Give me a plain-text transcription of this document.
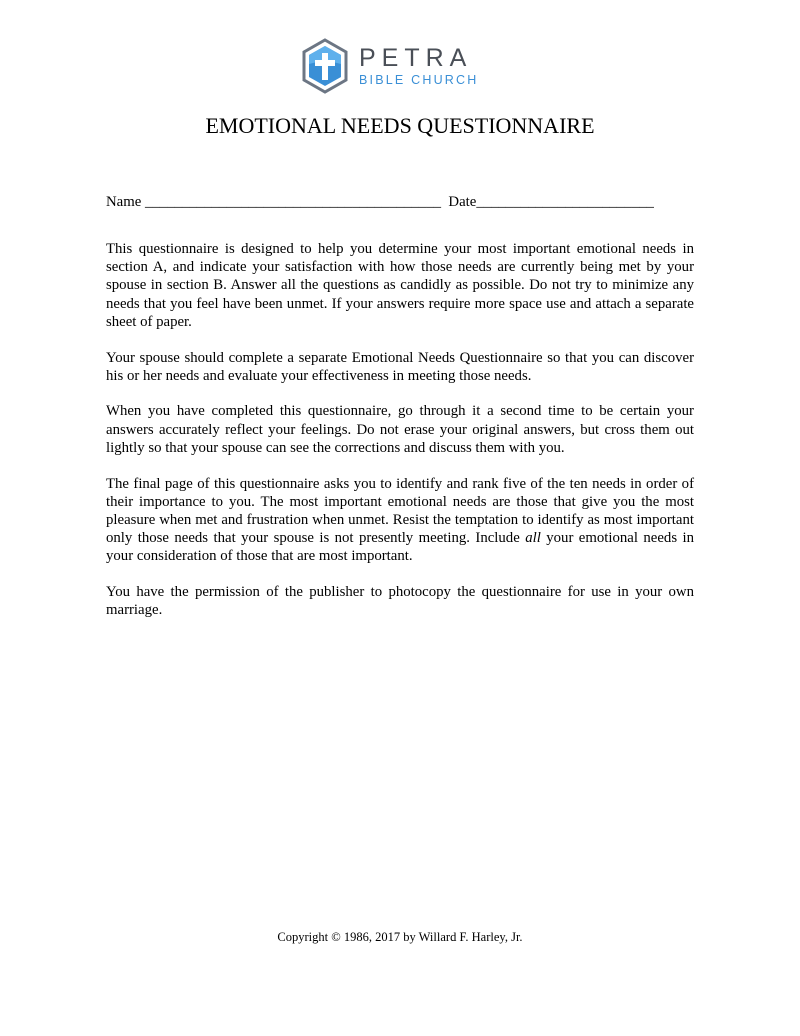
PETRA
BIBLE CHURCH
EMOTIONAL NEEDS QUESTIONNAIRE
Name ________________________________________ Date________________________

This questionnaire is designed to help you determine your most important emotional needs in section A, and indicate your satisfaction with how those needs are currently being met by your spouse in section B. Answer all the questions as candidly as possible. Do not try to minimize any needs that you feel have been unmet. If your answers require more space use and attach a separate sheet of paper.

Your spouse should complete a separate Emotional Needs Questionnaire so that you can discover his or her needs and evaluate your effectiveness in meeting those needs.

When you have completed this questionnaire, go through it a second time to be certain your answers accurately reflect your feelings. Do not erase your original answers, but cross them out lightly so that your spouse can see the corrections and discuss them with you.

The final page of this questionnaire asks you to identify and rank five of the ten needs in order of their importance to you. The most important emotional needs are those that give you the most pleasure when met and frustration when unmet. Resist the temptation to identify as most important only those needs that your spouse is not presently meeting. Include all your emotional needs in your consideration of those that are most important.

You have the permission of the publisher to photocopy the questionnaire for use in your own marriage.

Copyright © 1986, 2017 by Willard F. Harley, Jr.
